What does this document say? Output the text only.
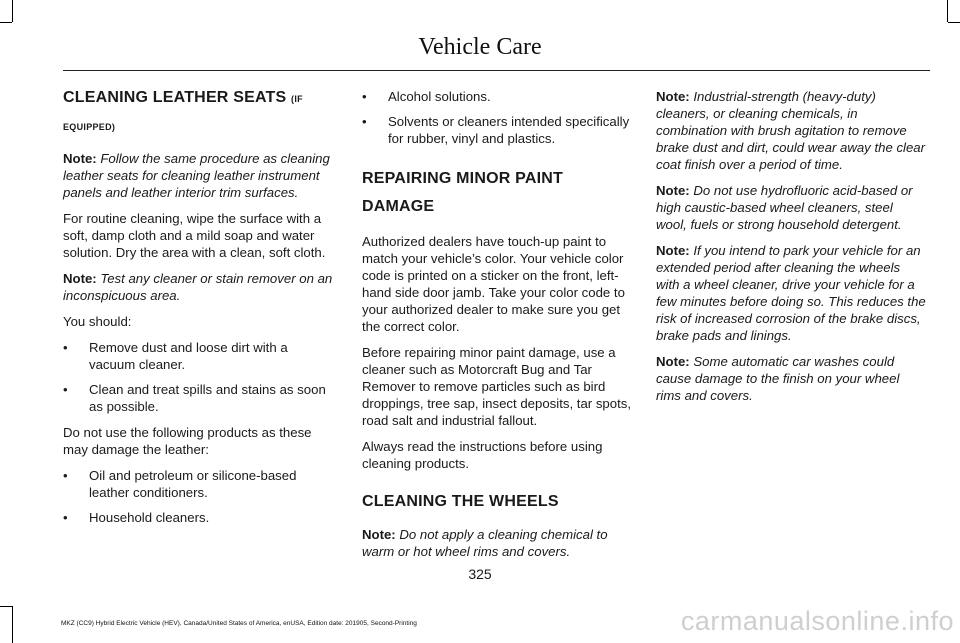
Vehicle Care
CLEANING LEATHER SEATS (IF
EQUIPPED)

Note: Follow the same procedure as cleaning leather seats for cleaning leather instrument panels and leather interior trim surfaces.

For routine cleaning, wipe the surface with a soft, damp cloth and a mild soap and water solution. Dry the area with a clean, soft cloth.

Note: Test any cleaner or stain remover on an inconspicuous area.

You should:

• Remove dust and loose dirt with a vacuum cleaner.
• Clean and treat spills and stains as soon as possible.

Do not use the following products as these may damage the leather:

• Oil and petroleum or silicone-based leather conditioners.
• Household cleaners.
• Alcohol solutions.
• Solvents or cleaners intended specifically for rubber, vinyl and plastics.
REPAIRING MINOR PAINT
DAMAGE

Authorized dealers have touch-up paint to match your vehicle’s color. Your vehicle color code is printed on a sticker on the front, left-hand side door jamb. Take your color code to your authorized dealer to make sure you get the correct color.

Before repairing minor paint damage, use a cleaner such as Motorcraft Bug and Tar Remover to remove particles such as bird droppings, tree sap, insect deposits, tar spots, road salt and industrial fallout.

Always read the instructions before using cleaning products.

CLEANING THE WHEELS

Note: Do not apply a cleaning chemical to warm or hot wheel rims and covers.

Note: Industrial-strength (heavy-duty) cleaners, or cleaning chemicals, in combination with brush agitation to remove brake dust and dirt, could wear away the clear coat finish over a period of time.

Note: Do not use hydrofluoric acid-based or high caustic-based wheel cleaners, steel wool, fuels or strong household detergent.

Note: If you intend to park your vehicle for an extended period after cleaning the wheels with a wheel cleaner, drive your vehicle for a few minutes before doing so. This reduces the risk of increased corrosion of the brake discs, brake pads and linings.

Note: Some automatic car washes could cause damage to the finish on your wheel rims and covers.

325
MKZ (CC9) Hybrid Electric Vehicle (HEV), Canada/United States of America, enUSA, Edition date: 201905, Second-Printing	carmanualsonline.info
